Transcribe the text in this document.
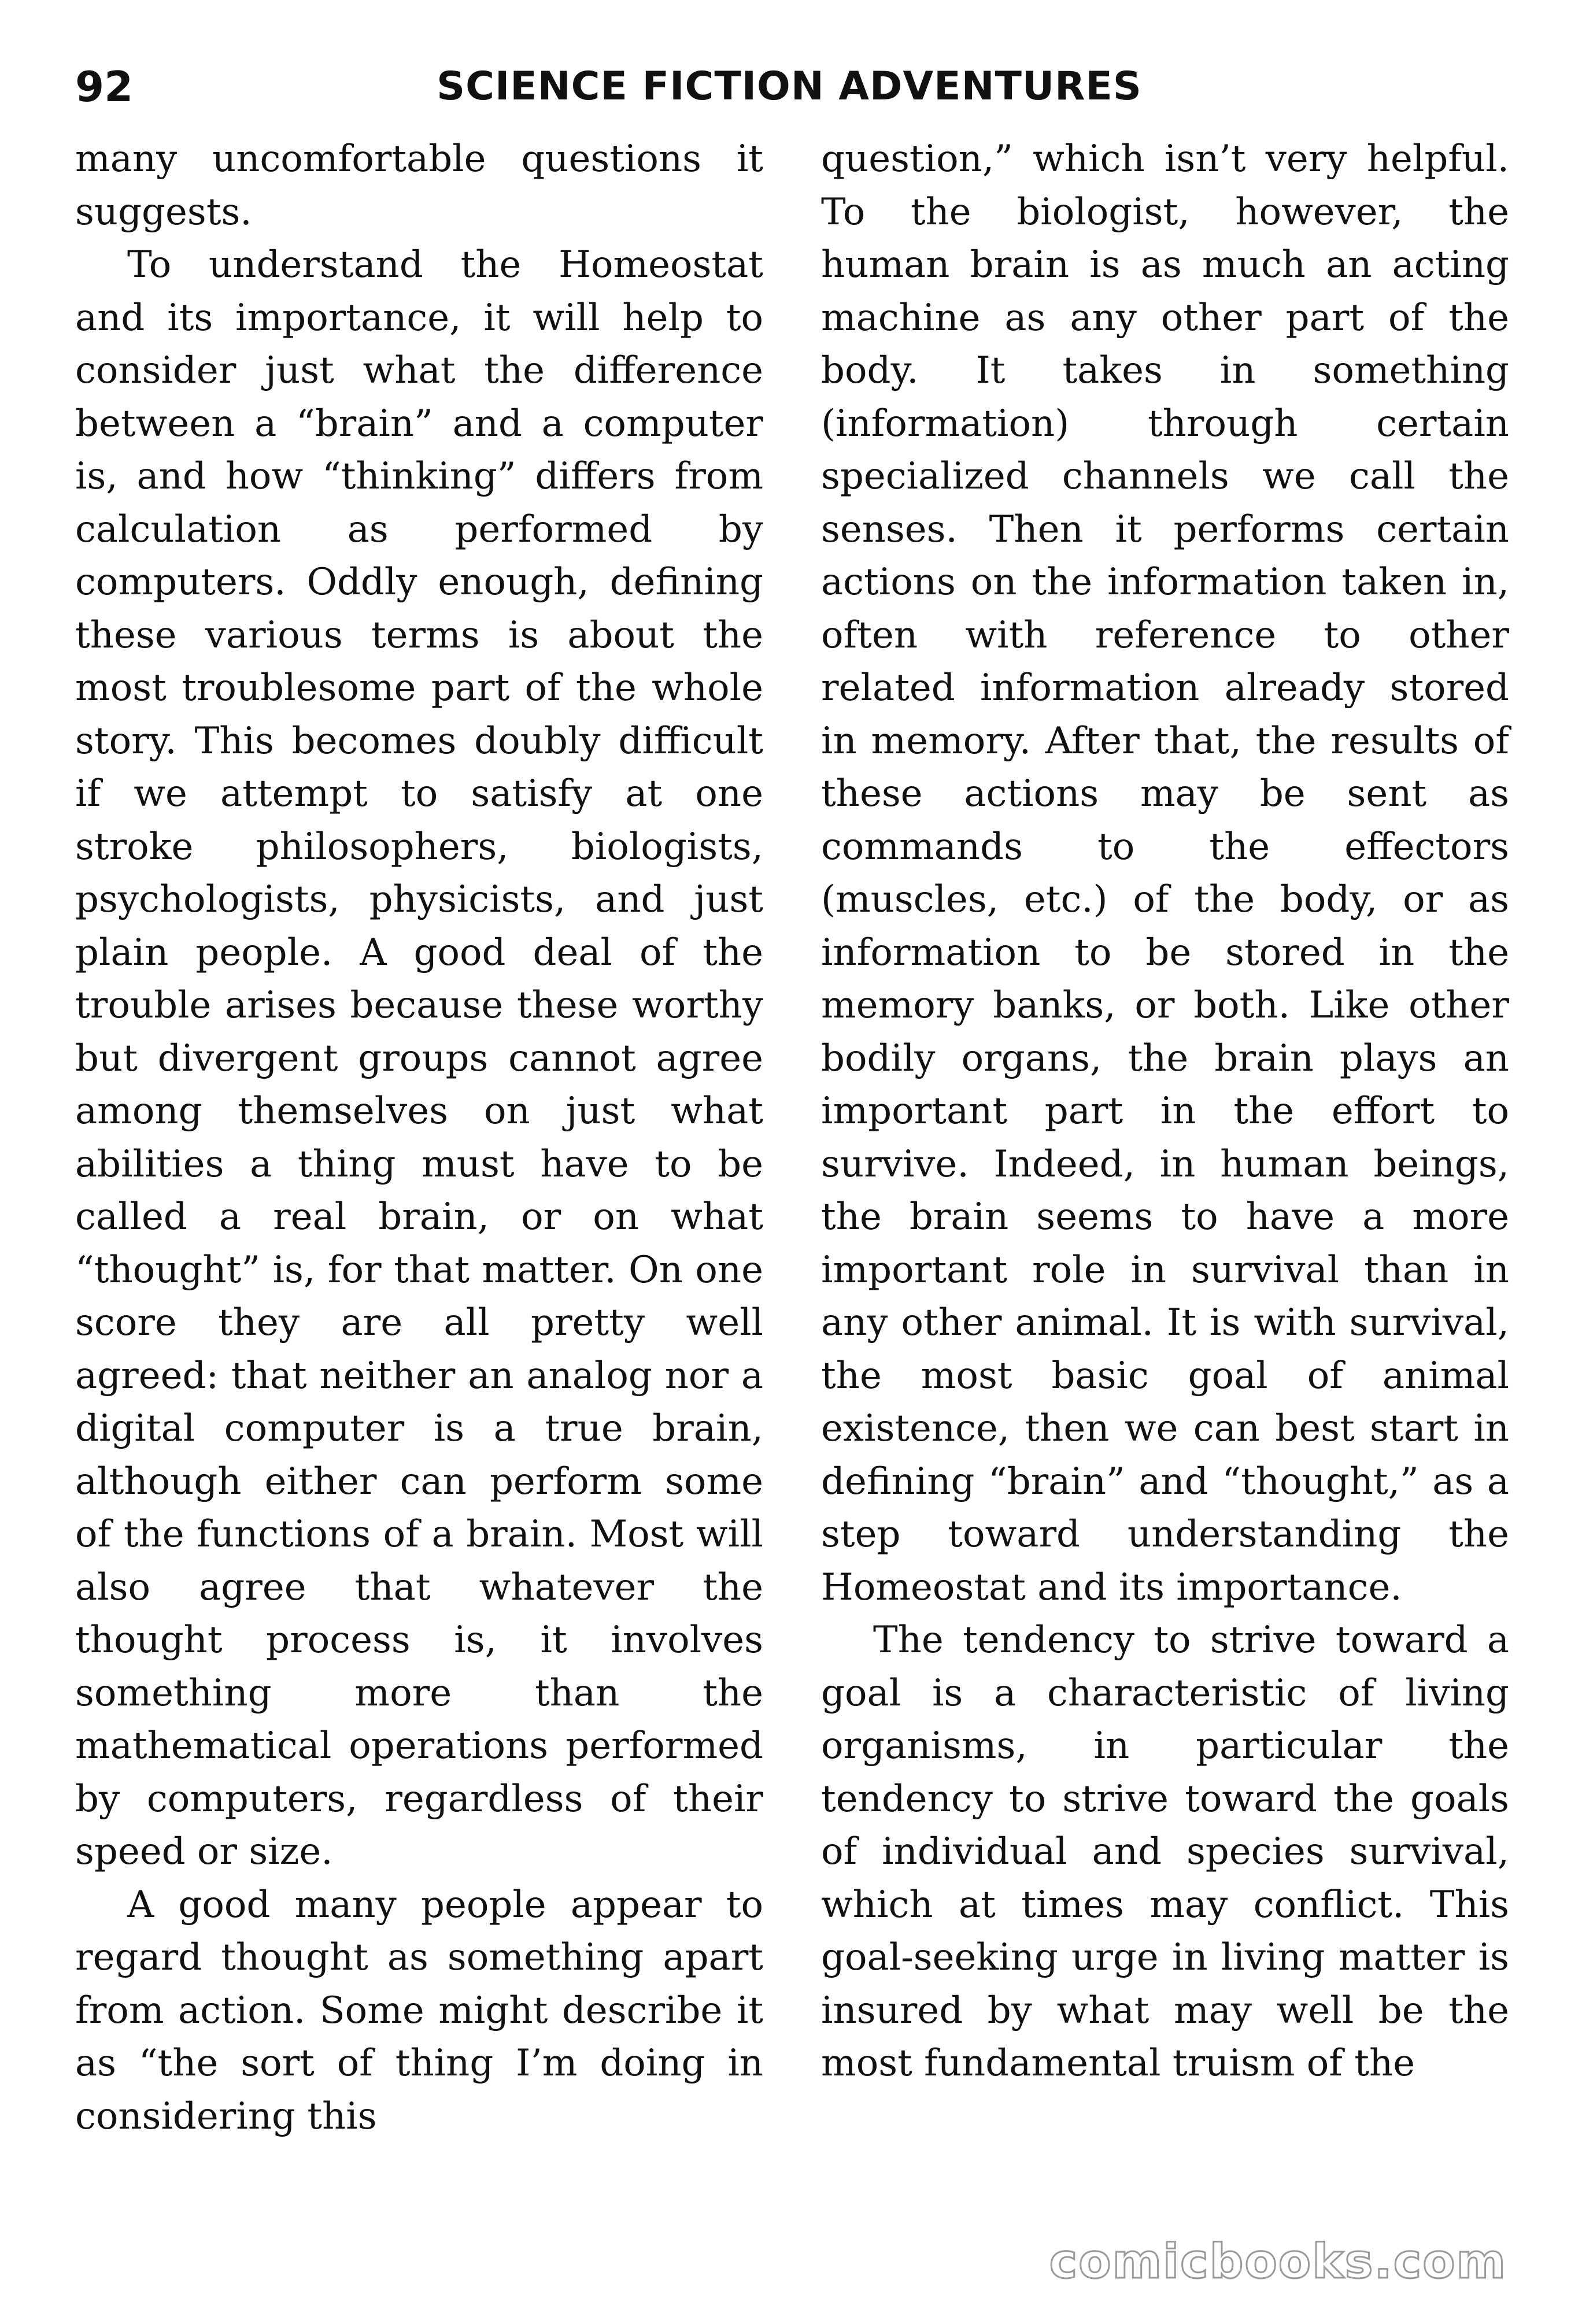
92	SCIENCE FICTION ADVENTURES

many uncomfortable questions it suggests.

To understand the Homeostat and its importance, it will help to consider just what the difference between a “brain” and a computer is, and how “thinking” differs from calculation as performed by computers. Oddly enough, defining these various terms is about the most troublesome part of the whole story. This becomes doubly difficult if we attempt to satisfy at one stroke philosophers, biologists, psychologists, physicists, and just plain people. A good deal of the trouble arises because these worthy but divergent groups cannot agree among themselves on just what abilities a thing must have to be called a real brain, or on what “thought” is, for that matter. On one score they are all pretty well agreed: that neither an analog nor a digital computer is a true brain, although either can perform some of the functions of a brain. Most will also agree that whatever the thought process is, it involves something more than the mathematical operations performed by computers, regardless of their speed or size.

A good many people appear to regard thought as something apart from action. Some might describe it as “the sort of thing I’m doing in considering this

question,” which isn’t very helpful. To the biologist, however, the human brain is as much an acting machine as any other part of the body. It takes in something (information) through certain specialized channels we call the senses. Then it performs certain actions on the information taken in, often with reference to other related information already stored in memory. After that, the results of these actions may be sent as commands to the effectors (muscles, etc.) of the body, or as information to be stored in the memory banks, or both. Like other bodily organs, the brain plays an important part in the effort to survive. Indeed, in human beings, the brain seems to have a more important role in survival than in any other animal. It is with survival, the most basic goal of animal existence, then we can best start in defining “brain” and “thought,” as a step toward understanding the Homeostat and its importance.

The tendency to strive toward a goal is a characteristic of living organisms, in particular the tendency to strive toward the goals of individual and species survival, which at times may conflict. This goal-seeking urge in living matter is insured by what may well be the most fundamental truism of the

comicbooks.com
